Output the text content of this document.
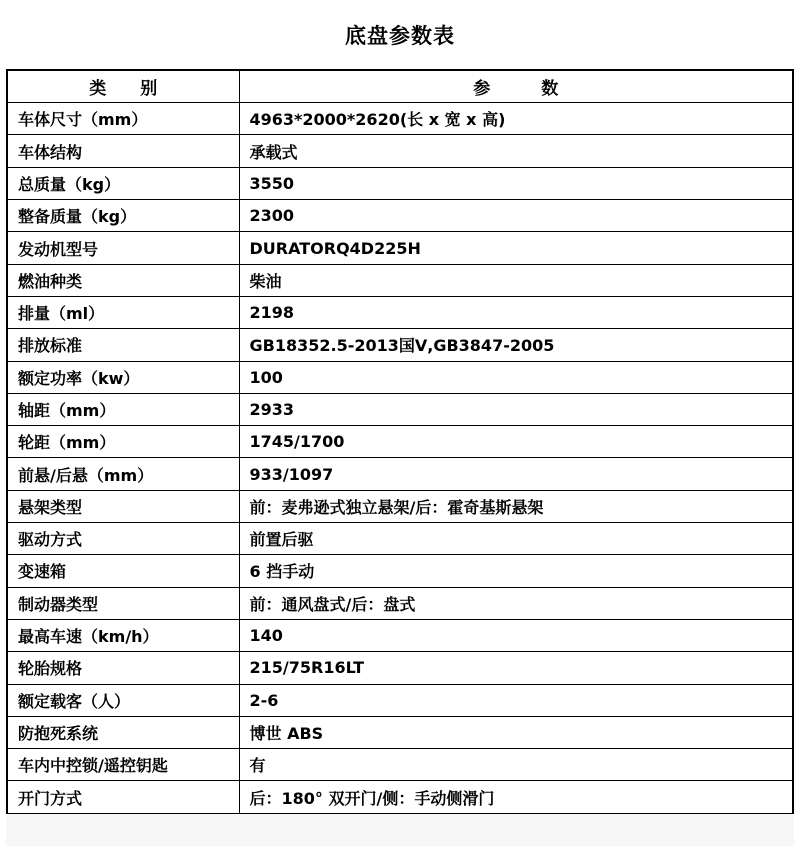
底盘参数表
类　　别	参　　　数
车体尺寸（mm）	4963*2000*2620(长 x 宽 x 高)
车体结构	承载式
总质量（kg）	3550
整备质量（kg）	2300
发动机型号	DURATORQ4D225H
燃油种类	柴油
排量（ml）	2198
排放标准	GB18352.5-2013国Ⅴ,GB3847-2005
额定功率（kw）	100
轴距（mm）	2933
轮距（mm）	1745/1700
前悬/后悬（mm）	933/1097
悬架类型	前：麦弗逊式独立悬架/后：霍奇基斯悬架
驱动方式	前置后驱
变速箱	6 挡手动
制动器类型	前：通风盘式/后：盘式
最高车速（km/h）	140
轮胎规格	215/75R16LT
额定载客（人）	2-6
防抱死系统	博世 ABS
车内中控锁/遥控钥匙	有
开门方式	后：180° 双开门/侧：手动侧滑门
